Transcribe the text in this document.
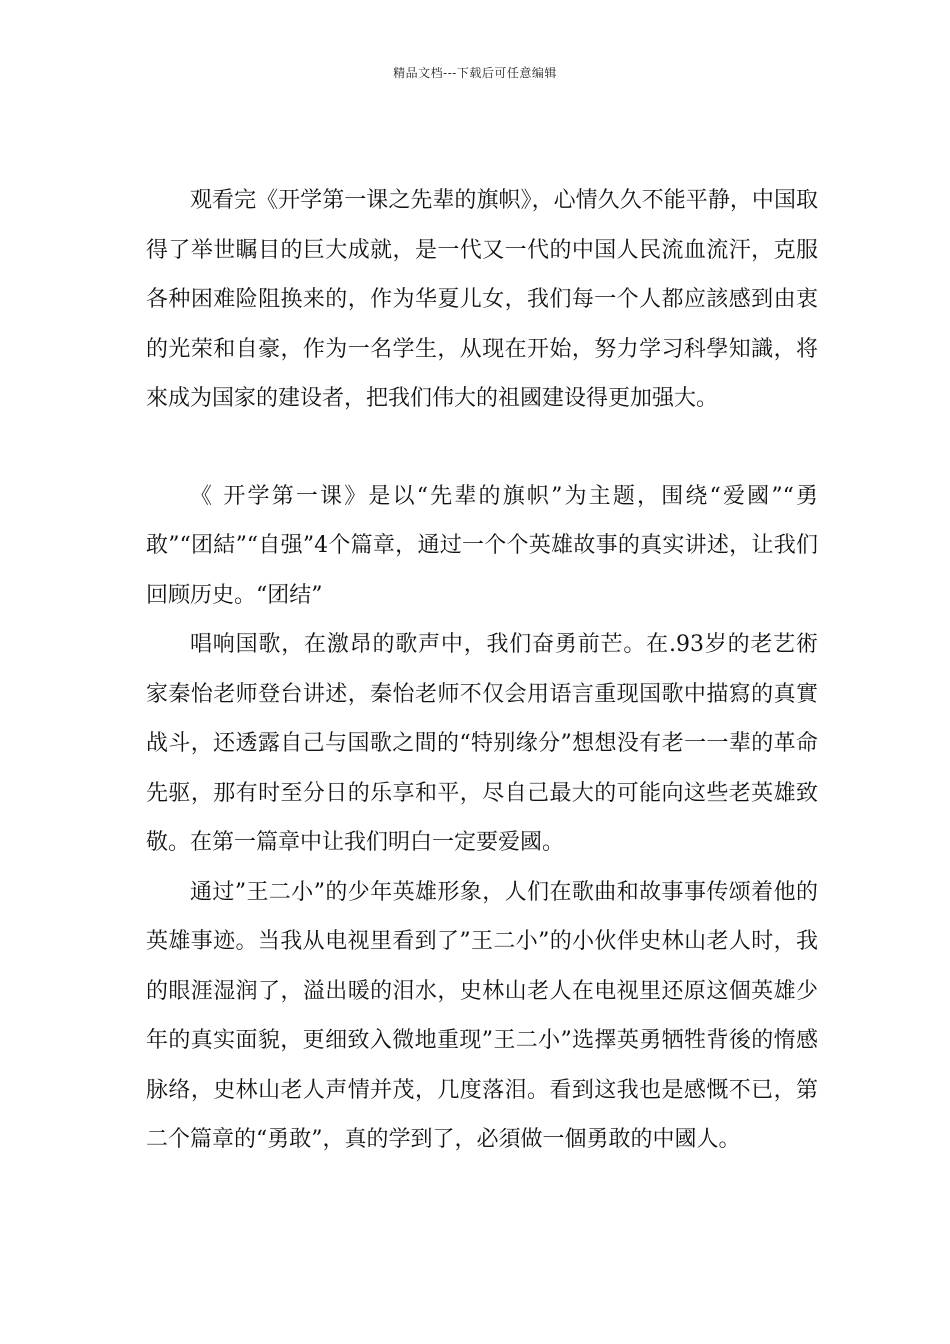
精品文档---下载后可任意编辑

观看完《开学第一课之先辈的旗帜》，心情久久不能平静，中国取得了举世瞩目的巨大成就，是一代又一代的中国人民流血流汗，克服各种困难险阻换来的，作为华夏儿女，我们每一个人都应該感到由衷的光荣和自豪，作为一名学生，从现在开始，努力学习科學知識，将來成为国家的建设者，把我们伟大的祖國建设得更加强大。

《 开学第一课》是以“先辈的旗帜”为主题，围绕“爱國”“勇敢”“团結”“自强”4个篇章，通过一个个英雄故事的真实讲述，让我们回顾历史。“团结”

唱响国歌，在激昂的歌声中，我们奋勇前芒。在.93岁的老艺術家秦怡老师登台讲述，秦怡老师不仅会用语言重现国歌中描寫的真實战斗，还透露自己与国歌之間的“特别缘分”想想没有老一一辈的革命先驱，那有时至分日的乐享和平，尽自己最大的可能向这些老英雄致敬。在第一篇章中让我们明白一定要爱國。

通过”王二小”的少年英雄形象，人们在歌曲和故事事传颂着他的英雄事迹。当我从电视里看到了”王二小”的小伙伴史林山老人时，我的眼涯湿润了，溢出暖的泪水，史林山老人在电视里还原这個英雄少年的真实面貌，更细致入微地重现”王二小”选擇英勇牺牲背後的惰感脉络，史林山老人声情并茂，几度落泪。看到这我也是感慨不已，第二个篇章的“勇敢”，真的学到了，必須做一個勇敢的中國人。
